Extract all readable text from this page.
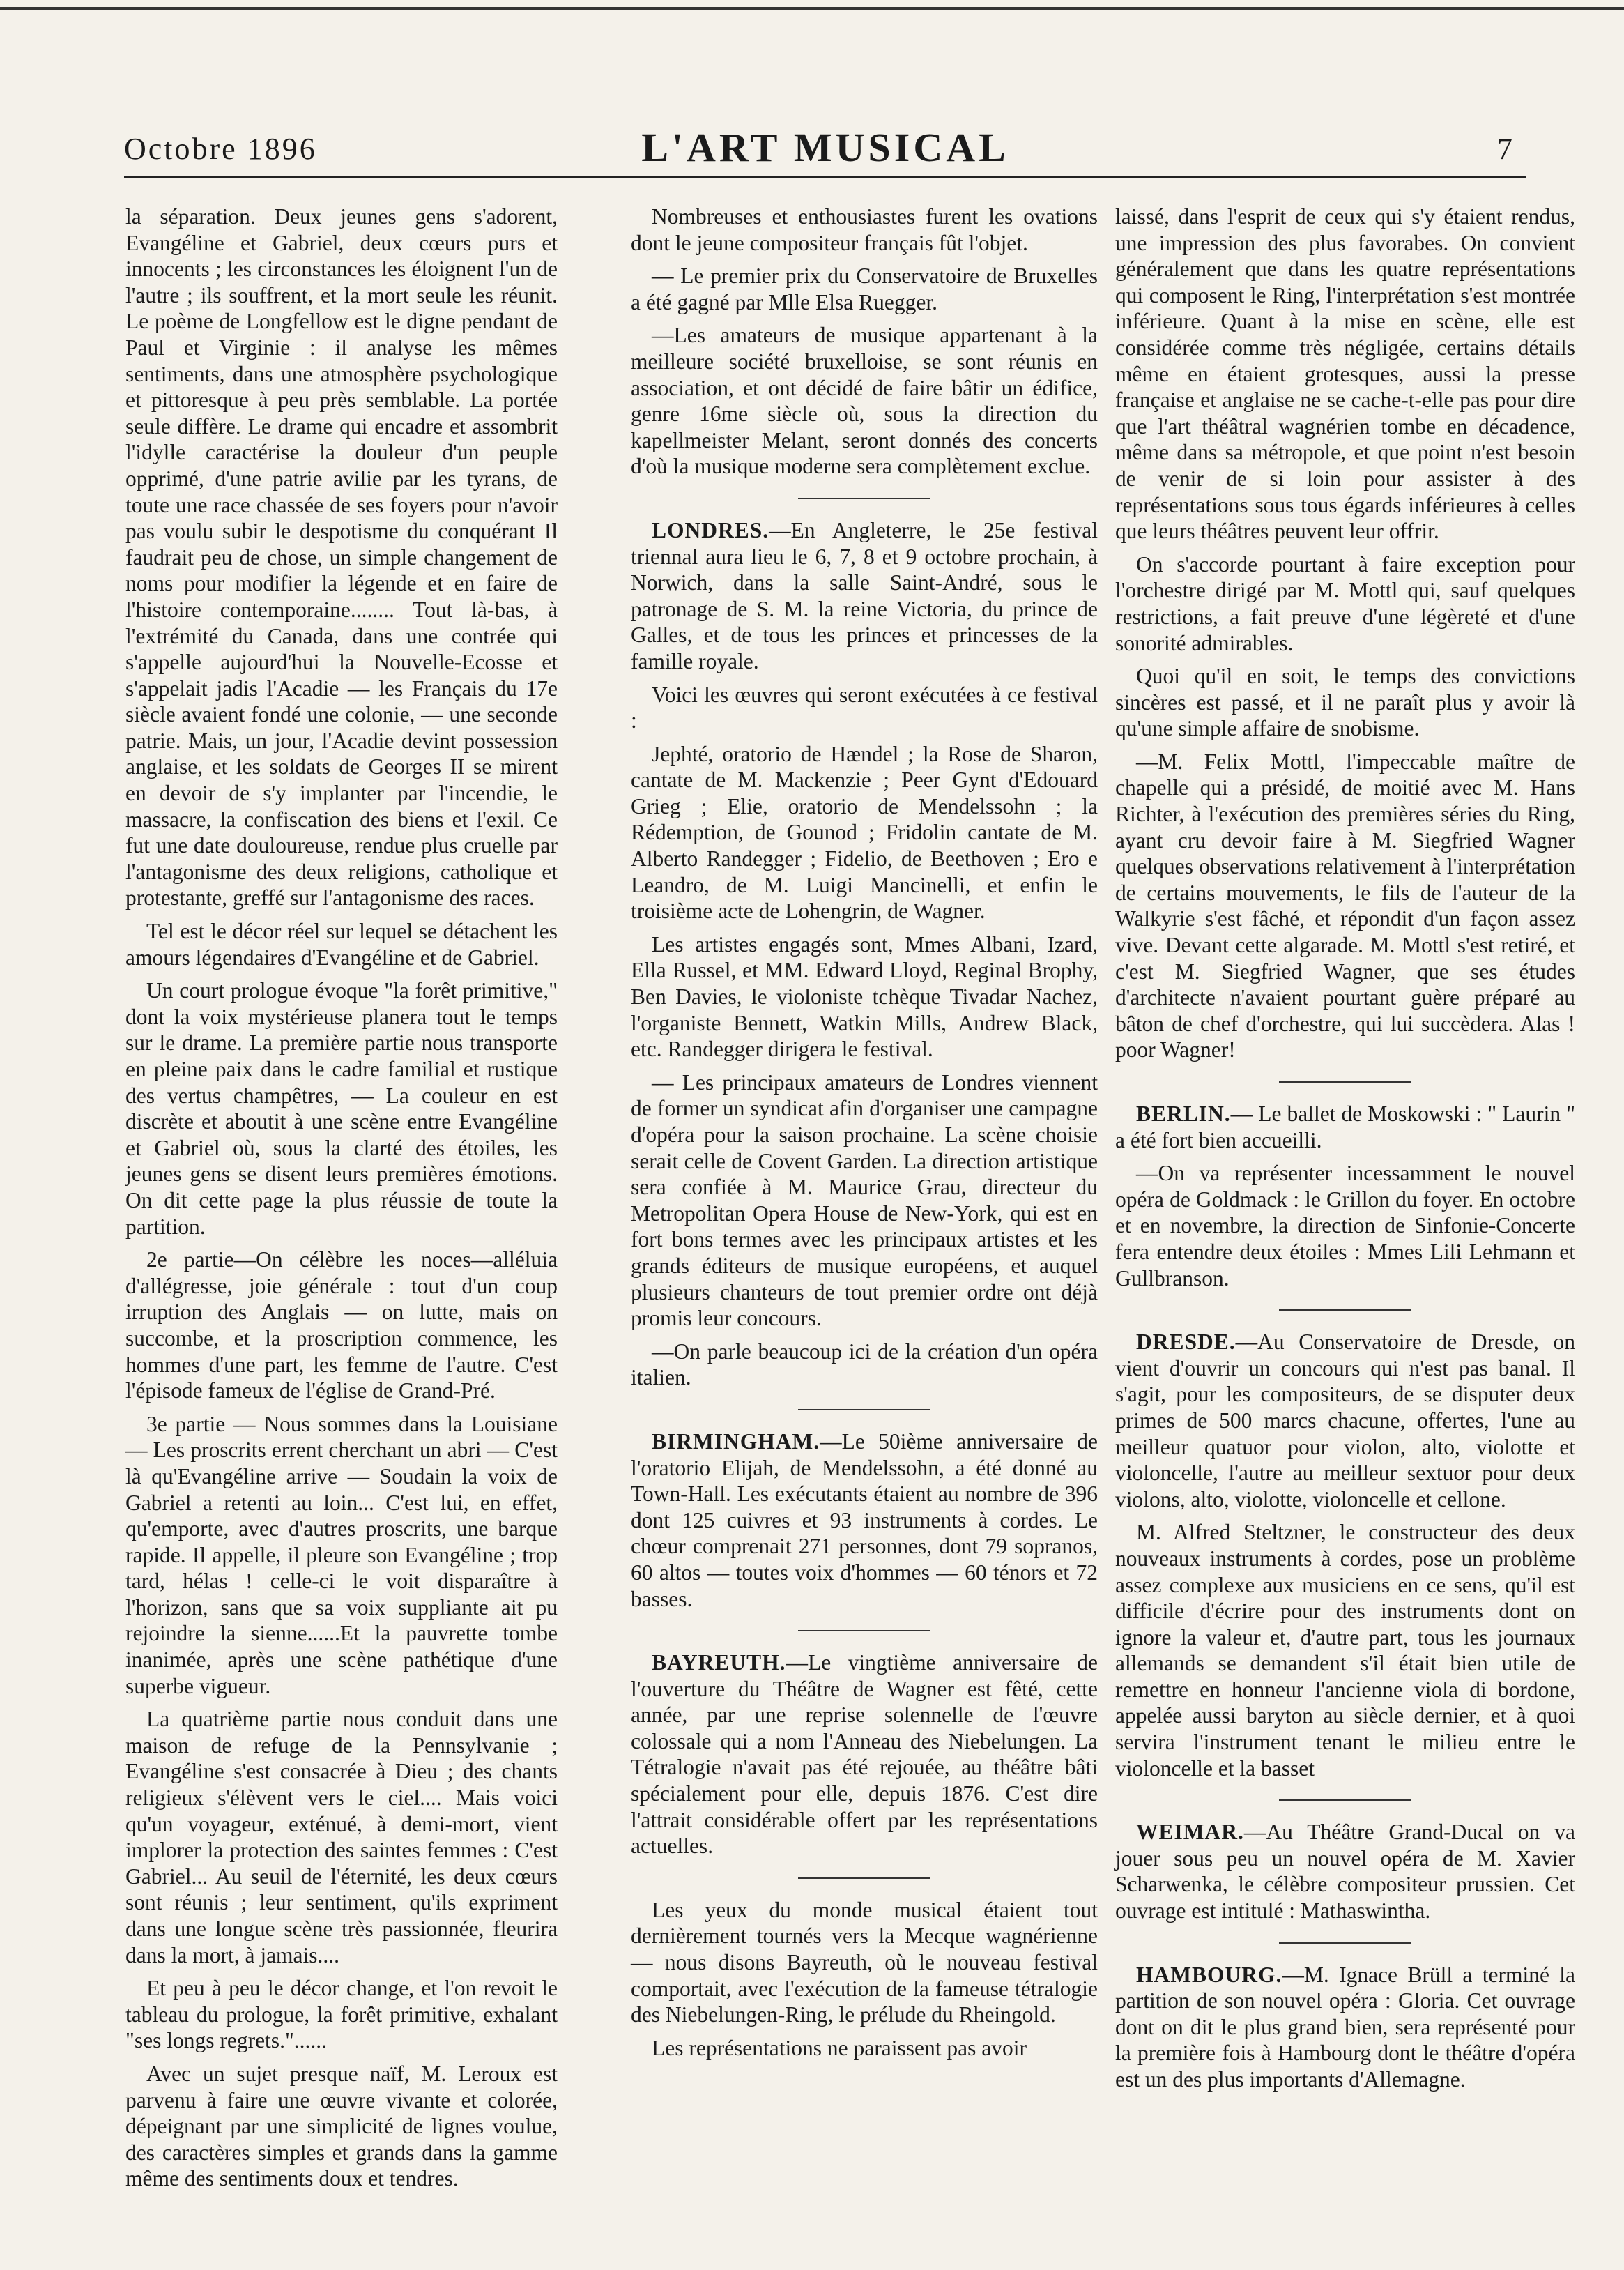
Octobre 1896	L'ART MUSICAL	7

la séparation. Deux jeunes gens s'adorent, Evangéline et Gabriel, deux cœurs purs et innocents ; les circonstances les éloignent l'un de l'autre ; ils souffrent, et la mort seule les réunit. Le poème de Longfellow est le digne pendant de Paul et Virginie : il analyse les mêmes sentiments, dans une atmosphère psychologique et pittoresque à peu près semblable. La portée seule diffère. Le drame qui encadre et assombrit l'idylle caractérise la douleur d'un peuple opprimé, d'une patrie avilie par les tyrans, de toute une race chassée de ses foyers pour n'avoir pas voulu subir le despotisme du conquérant Il faudrait peu de chose, un simple changement de noms pour modifier la légende et en faire de l'histoire contemporaine........ Tout là-bas, à l'extrémité du Canada, dans une contrée qui s'appelle aujourd'hui la Nouvelle-Ecosse et s'appelait jadis l'Acadie — les Français du 17e siècle avaient fondé une colonie, — une seconde patrie. Mais, un jour, l'Acadie devint possession anglaise, et les soldats de Georges II se mirent en devoir de s'y implanter par l'incendie, le massacre, la confiscation des biens et l'exil. Ce fut une date douloureuse, rendue plus cruelle par l'antagonisme des deux religions, catholique et protestante, greffé sur l'antagonisme des races.

Tel est le décor réel sur lequel se détachent les amours légendaires d'Evangéline et de Gabriel.

Un court prologue évoque "la forêt primitive," dont la voix mystérieuse planera tout le temps sur le drame. La première partie nous transporte en pleine paix dans le cadre familial et rustique des vertus champêtres, — La couleur en est discrète et aboutit à une scène entre Evangéline et Gabriel où, sous la clarté des étoiles, les jeunes gens se disent leurs premières émotions. On dit cette page la plus réussie de toute la partition.

2e partie—On célèbre les noces—alléluia d'allégresse, joie générale : tout d'un coup irruption des Anglais — on lutte, mais on succombe, et la proscription commence, les hommes d'une part, les femme de l'autre. C'est l'épisode fameux de l'église de Grand-Pré.

3e partie — Nous sommes dans la Louisiane — Les proscrits errent cherchant un abri — C'est là qu'Evangéline arrive — Soudain la voix de Gabriel a retenti au loin... C'est lui, en effet, qu'emporte, avec d'autres proscrits, une barque rapide. Il appelle, il pleure son Evangéline ; trop tard, hélas ! celle-ci le voit disparaître à l'horizon, sans que sa voix suppliante ait pu rejoindre la sienne......Et la pauvrette tombe inanimée, après une scène pathétique d'une superbe vigueur.

La quatrième partie nous conduit dans une maison de refuge de la Pennsylvanie ; Evangéline s'est consacrée à Dieu ; des chants religieux s'élèvent vers le ciel.... Mais voici qu'un voyageur, exténué, à demi-mort, vient implorer la protection des saintes femmes : C'est Gabriel... Au seuil de l'éternité, les deux cœurs sont réunis ; leur sentiment, qu'ils expriment dans une longue scène très passionnée, fleurira dans la mort, à jamais....

Et peu à peu le décor change, et l'on revoit le tableau du prologue, la forêt primitive, exhalant "ses longs regrets."......

Avec un sujet presque naïf, M. Leroux est parvenu à faire une œuvre vivante et colorée, dépeignant par une simplicité de lignes voulue, des caractères simples et grands dans la gamme même des sentiments doux et tendres.

Nombreuses et enthousiastes furent les ovations dont le jeune compositeur français fût l'objet.

— Le premier prix du Conservatoire de Bruxelles a été gagné par Mlle Elsa Ruegger.

—Les amateurs de musique appartenant à la meilleure société bruxelloise, se sont réunis en association, et ont décidé de faire bâtir un édifice, genre 16me siècle où, sous la direction du kapellmeister Melant, seront donnés des concerts d'où la musique moderne sera complètement exclue.

LONDRES.—En Angleterre, le 25e festival triennal aura lieu le 6, 7, 8 et 9 octobre prochain, à Norwich, dans la salle Saint-André, sous le patronage de S. M. la reine Victoria, du prince de Galles, et de tous les princes et princesses de la famille royale.

Voici les œuvres qui seront exécutées à ce festival :

Jephté, oratorio de Hændel ; la Rose de Sharon, cantate de M. Mackenzie ; Peer Gynt d'Edouard Grieg ; Elie, oratorio de Mendelssohn ; la Rédemption, de Gounod ; Fridolin cantate de M. Alberto Randegger ; Fidelio, de Beethoven ; Ero e Leandro, de M. Luigi Mancinelli, et enfin le troisième acte de Lohengrin, de Wagner.

Les artistes engagés sont, Mmes Albani, Izard, Ella Russel, et MM. Edward Lloyd, Reginal Brophy, Ben Davies, le violoniste tchèque Tivadar Nachez, l'organiste Bennett, Watkin Mills, Andrew Black, etc. Randegger dirigera le festival.

— Les principaux amateurs de Londres viennent de former un syndicat afin d'organiser une campagne d'opéra pour la saison prochaine. La scène choisie serait celle de Covent Garden. La direction artistique sera confiée à M. Maurice Grau, directeur du Metropolitan Opera House de New-York, qui est en fort bons termes avec les principaux artistes et les grands éditeurs de musique européens, et auquel plusieurs chanteurs de tout premier ordre ont déjà promis leur concours.

—On parle beaucoup ici de la création d'un opéra italien.

BIRMINGHAM.—Le 50ième anniversaire de l'oratorio Elijah, de Mendelssohn, a été donné au Town-Hall. Les exécutants étaient au nombre de 396 dont 125 cuivres et 93 instruments à cordes. Le chœur comprenait 271 personnes, dont 79 sopranos, 60 altos — toutes voix d'hommes — 60 ténors et 72 basses.

BAYREUTH.—Le vingtième anniversaire de l'ouverture du Théâtre de Wagner est fêté, cette année, par une reprise solennelle de l'œuvre colossale qui a nom l'Anneau des Niebelungen. La Tétralogie n'avait pas été rejouée, au théâtre bâti spécialement pour elle, depuis 1876. C'est dire l'attrait considérable offert par les représentations actuelles.

Les yeux du monde musical étaient tout dernièrement tournés vers la Mecque wagnérienne — nous disons Bayreuth, où le nouveau festival comportait, avec l'exécution de la fameuse tétralogie des Niebelungen-Ring, le prélude du Rheingold.

Les représentations ne paraissent pas avoir

laissé, dans l'esprit de ceux qui s'y étaient rendus, une impression des plus favorabes. On convient généralement que dans les quatre représentations qui composent le Ring, l'interprétation s'est montrée inférieure. Quant à la mise en scène, elle est considérée comme très négligée, certains détails même en étaient grotesques, aussi la presse française et anglaise ne se cache-t-elle pas pour dire que l'art théâtral wagnérien tombe en décadence, même dans sa métropole, et que point n'est besoin de venir de si loin pour assister à des représentations sous tous égards inférieures à celles que leurs théâtres peuvent leur offrir.

On s'accorde pourtant à faire exception pour l'orchestre dirigé par M. Mottl qui, sauf quelques restrictions, a fait preuve d'une légèreté et d'une sonorité admirables.

Quoi qu'il en soit, le temps des convictions sincères est passé, et il ne paraît plus y avoir là qu'une simple affaire de snobisme.

—M. Felix Mottl, l'impeccable maître de chapelle qui a présidé, de moitié avec M. Hans Richter, à l'exécution des premières séries du Ring, ayant cru devoir faire à M. Siegfried Wagner quelques observations relativement à l'interprétation de certains mouvements, le fils de l'auteur de la Walkyrie s'est fâché, et répondit d'un façon assez vive. Devant cette algarade. M. Mottl s'est retiré, et c'est M. Siegfried Wagner, que ses études d'architecte n'avaient pourtant guère préparé au bâton de chef d'orchestre, qui lui succèdera. Alas ! poor Wagner!

BERLIN.— Le ballet de Moskowski : " Laurin " a été fort bien accueilli.

—On va représenter incessamment le nouvel opéra de Goldmack : le Grillon du foyer. En octobre et en novembre, la direction de Sinfonie-Concerte fera entendre deux étoiles : Mmes Lili Lehmann et Gullbranson.

DRESDE.—Au Conservatoire de Dresde, on vient d'ouvrir un concours qui n'est pas banal. Il s'agit, pour les compositeurs, de se disputer deux primes de 500 marcs chacune, offertes, l'une au meilleur quatuor pour violon, alto, violotte et violoncelle, l'autre au meilleur sextuor pour deux violons, alto, violotte, violoncelle et cellone.

M. Alfred Steltzner, le constructeur des deux nouveaux instruments à cordes, pose un problème assez complexe aux musiciens en ce sens, qu'il est difficile d'écrire pour des instruments dont on ignore la valeur et, d'autre part, tous les journaux allemands se demandent s'il était bien utile de remettre en honneur l'ancienne viola di bordone, appelée aussi baryton au siècle dernier, et à quoi servira l'instrument tenant le milieu entre le violoncelle et la basset

WEIMAR.—Au Théâtre Grand-Ducal on va jouer sous peu un nouvel opéra de M. Xavier Scharwenka, le célèbre compositeur prussien. Cet ouvrage est intitulé : Mathaswintha.

HAMBOURG.—M. Ignace Brüll a terminé la partition de son nouvel opéra : Gloria. Cet ouvrage dont on dit le plus grand bien, sera représenté pour la première fois à Hambourg dont le théâtre d'opéra est un des plus importants d'Allemagne.
